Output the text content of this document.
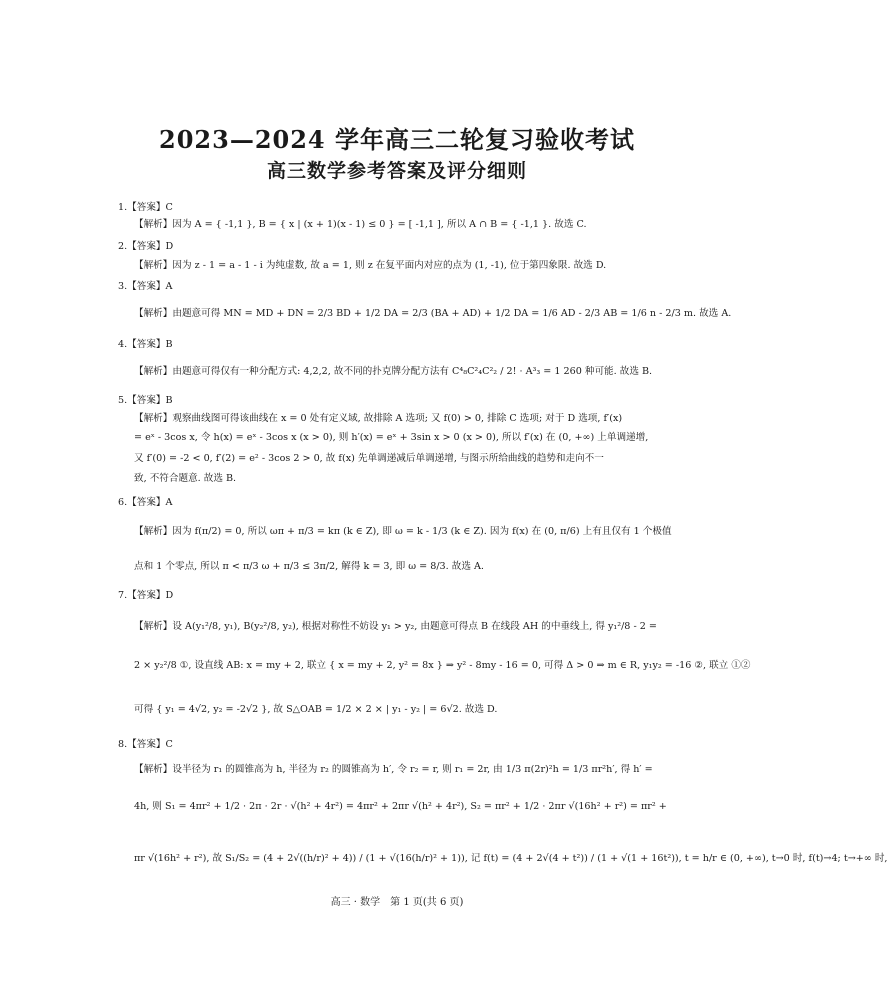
2023—2024 学年高三二轮复习验收考试
高三数学参考答案及评分细则
1.【答案】C
【解析】因为 A = { -1,1 }, B = { x | (x + 1)(x - 1) ≤ 0 } = [ -1,1 ], 所以 A ∩ B = { -1,1 }. 故选 C.
2.【答案】D
【解析】因为 z - 1 = a - 1 - i 为纯虚数, 故 a = 1, 则 z 在复平面内对应的点为 (1, -1), 位于第四象限. 故选 D.
3.【答案】A
【解析】由题意可得 MN = MD + DN = 2/3 BD + 1/2 DA = 2/3 (BA + AD) + 1/2 DA = 1/6 AD - 2/3 AB = 1/6 n - 2/3 m. 故选 A.
4.【答案】B
【解析】由题意可得仅有一种分配方式: 4,2,2, 故不同的扑克牌分配方法有 C⁴₈C²₄C²₂ / 2! · A³₃ = 1 260 种可能. 故选 B.
5.【答案】B
【解析】观察曲线图可得该曲线在 x = 0 处有定义域, 故排除 A 选项; 又 f(0) > 0, 排除 C 选项; 对于 D 选项, f′(x)
= eˣ - 3cos x, 令 h(x) = eˣ - 3cos x (x > 0), 则 h′(x) = eˣ + 3sin x > 0 (x > 0), 所以 f′(x) 在 (0, +∞) 上单调递增,
又 f′(0) = -2 < 0, f′(2) = e² - 3cos 2 > 0, 故 f(x) 先单调递减后单调递增, 与图示所给曲线的趋势和走向不一
致, 不符合题意. 故选 B.
6.【答案】A
【解析】因为 f(π/2) = 0, 所以 ωπ + π/3 = kπ (k ∈ Z), 即 ω = k - 1/3 (k ∈ Z). 因为 f(x) 在 (0, π/6) 上有且仅有 1 个极值
点和 1 个零点, 所以 π < π/3 ω + π/3 ≤ 3π/2, 解得 k = 3, 即 ω = 8/3. 故选 A.
7.【答案】D
【解析】设 A(y₁²/8, y₁), B(y₂²/8, y₂), 根据对称性不妨设 y₁ > y₂, 由题意可得点 B 在线段 AH 的中垂线上, 得 y₁²/8 - 2 =
2 × y₂²/8 ①, 设直线 AB: x = my + 2, 联立 { x = my + 2, y² = 8x } ⇒ y² - 8my - 16 = 0, 可得 Δ > 0 ⇒ m ∈ R, y₁y₂ = -16 ②, 联立 ①②
可得 { y₁ = 4√2, y₂ = -2√2 }, 故 S△OAB = 1/2 × 2 × | y₁ - y₂ | = 6√2. 故选 D.
8.【答案】C
【解析】设半径为 r₁ 的圆锥高为 h, 半径为 r₂ 的圆锥高为 h′, 令 r₂ = r, 则 r₁ = 2r, 由 1/3 π(2r)²h = 1/3 πr²h′, 得 h′ =
4h, 则 S₁ = 4πr² + 1/2 · 2π · 2r · √(h² + 4r²) = 4πr² + 2πr √(h² + 4r²), S₂ = πr² + 1/2 · 2πr √(16h² + r²) = πr² +
πr √(16h² + r²), 故 S₁/S₂ = (4 + 2√((h/r)² + 4)) / (1 + √(16(h/r)² + 1)), 记 f(t) = (4 + 2√(4 + t²)) / (1 + √(1 + 16t²)), t = h/r ∈ (0, +∞), t→0 时, f(t)→4; t→+∞ 时,
高三 · 数学　第 1 页(共 6 页)
